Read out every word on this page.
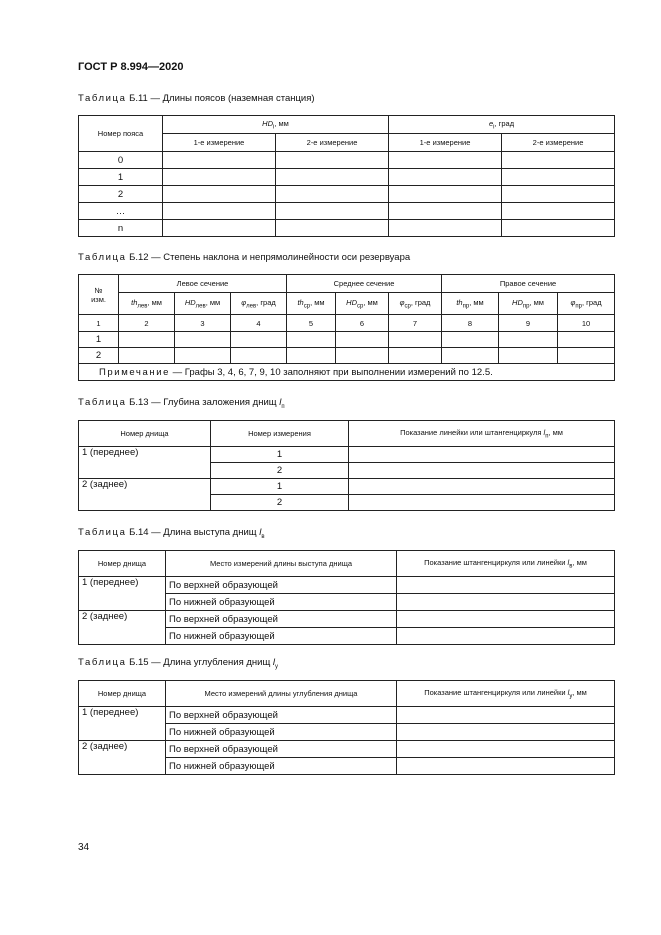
ГОСТ Р 8.994—2020
Таблица Б.11 — Длины поясов (наземная станция)
Номер пояса	$HD_i$, мм		$e_i$, град	
	1-е измерение	2-е измерение	1-е измерение	2-е измерение
0				
1				
2				
…				
n				
Таблица Б.12 — Степень наклона и непрямолинейности оси резервуара
№
изм.	Левое сечение			Среднее сечение			Правое сечение		
	$th_{лев}$, мм	$HD_{лев}$, мм	$\varphi_{лев}$, град	$th_{ср}$, мм	$HD_{ср}$, мм	$\varphi_{ср}$, град	$th_{пр}$, мм	$HD_{пр}$, мм	$\varphi_{пр}$, град
1	2	3	4	5	6	7	8	9	10
1									
2									
Примечание — Графы 3, 4, 6, 7, 9, 10 заполняют при выполнении измерений по 12.5.									
Таблица Б.13 — Глубина заложения днищ $l_п$
Номер днища	Номер измерения	Показание линейки или штангенциркуля $l_п$, мм
1 (переднее)	1	
	2	
2 (заднее)	1	
	2	
Таблица Б.14 — Длина выступа днищ $l_в$
Номер днища	Место измерений длины выступа днища	Показание штангенциркуля или линейки $l_в$, мм
1 (переднее)	По верхней образующей	
	По нижней образующей	
2 (заднее)	По верхней образующей	
	По нижней образующей	
Таблица Б.15 — Длина углубления днищ $l_у$
Номер днища	Место измерений длины углубления днища	Показание штангенциркуля или линейки $l_у$, мм
1 (переднее)	По верхней образующей	
	По нижней образующей	
2 (заднее)	По верхней образующей	
	По нижней образующей	
34
